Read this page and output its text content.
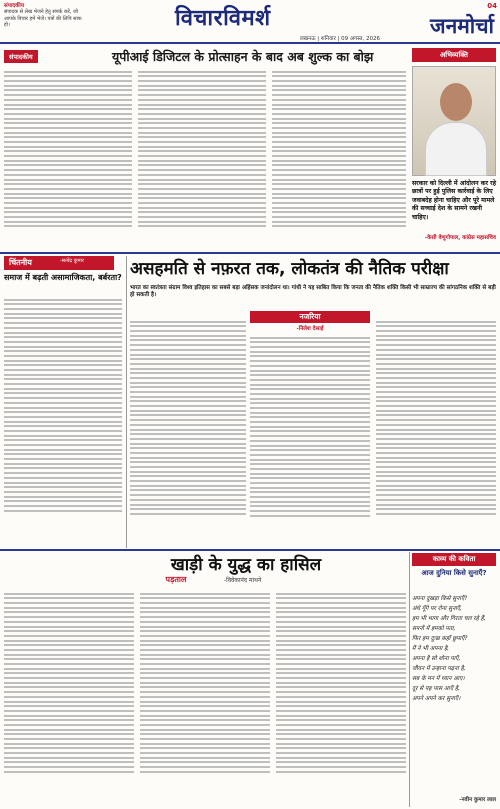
संपादकीय
संपादक से लेख भेजने हेतु संपर्क करें, जो आपके विचार हमें भेजें। पत्रों की लिपि साफ हो।	विचारविमर्श	04
जनमोर्चा
लखनऊ | शनिवार | 09 अगस्त, 2026
संपादकीय	यूपीआई डिजिटल के प्रोत्साहन के बाद अब शुल्क का बोझ	अभिव्यक्ति
सरकार को दिल्ली में आंदोलन कर रहे छात्रों पर हुई पुलिस कार्रवाई के लिए जवाबदेह होना चाहिए और पूरे मामले की सच्चाई देश के सामने रखनी चाहिए।
-केसी वेणुगोपाल, कांग्रेस महासचिव
चिंतनीय	-सत्येंद्र कुमार
समाज में बढ़ती असामाजिकता, बर्बरता? असहमति से नफ़रत तक, लोकतंत्र की नैतिक परीक्षा
भारत का स्वतंत्रता संग्राम विश्व इतिहास का सबसे बड़ा अहिंसक जनांदोलन था। गांधी ने यह साबित किया कि जनता की नैतिक शक्ति किसी भी साम्राज्य की सांगठनिक शक्ति से बड़ी हो सकती है।
नजरिया
-निलेश देसाई
खाड़ी के युद्ध का हासिल
पड़ताल	-विवेकानंद माथने
काव्य की कविता
आज दुनिया किसे सुनाएँ?
अपना दुखड़ा किसे सुनाएँ?
अंधे गूँगे पर रोना सुनाएँ,
हम भी भागा और गिरता चल रहे हैं,
सपनों में हमको पता,
फिर हम दुःख कहाँ छुपाएँ?
मैं ने भी अपना है,
अपना है सो शोना पाएँ,
जीवन में उन्हाना पढ़ना है,
सब के मन में ध्यान आए।
दूर से यह पास आएँ है,
अपने अपने कर सुनाएँ।
-नवीन कुमार लाल
